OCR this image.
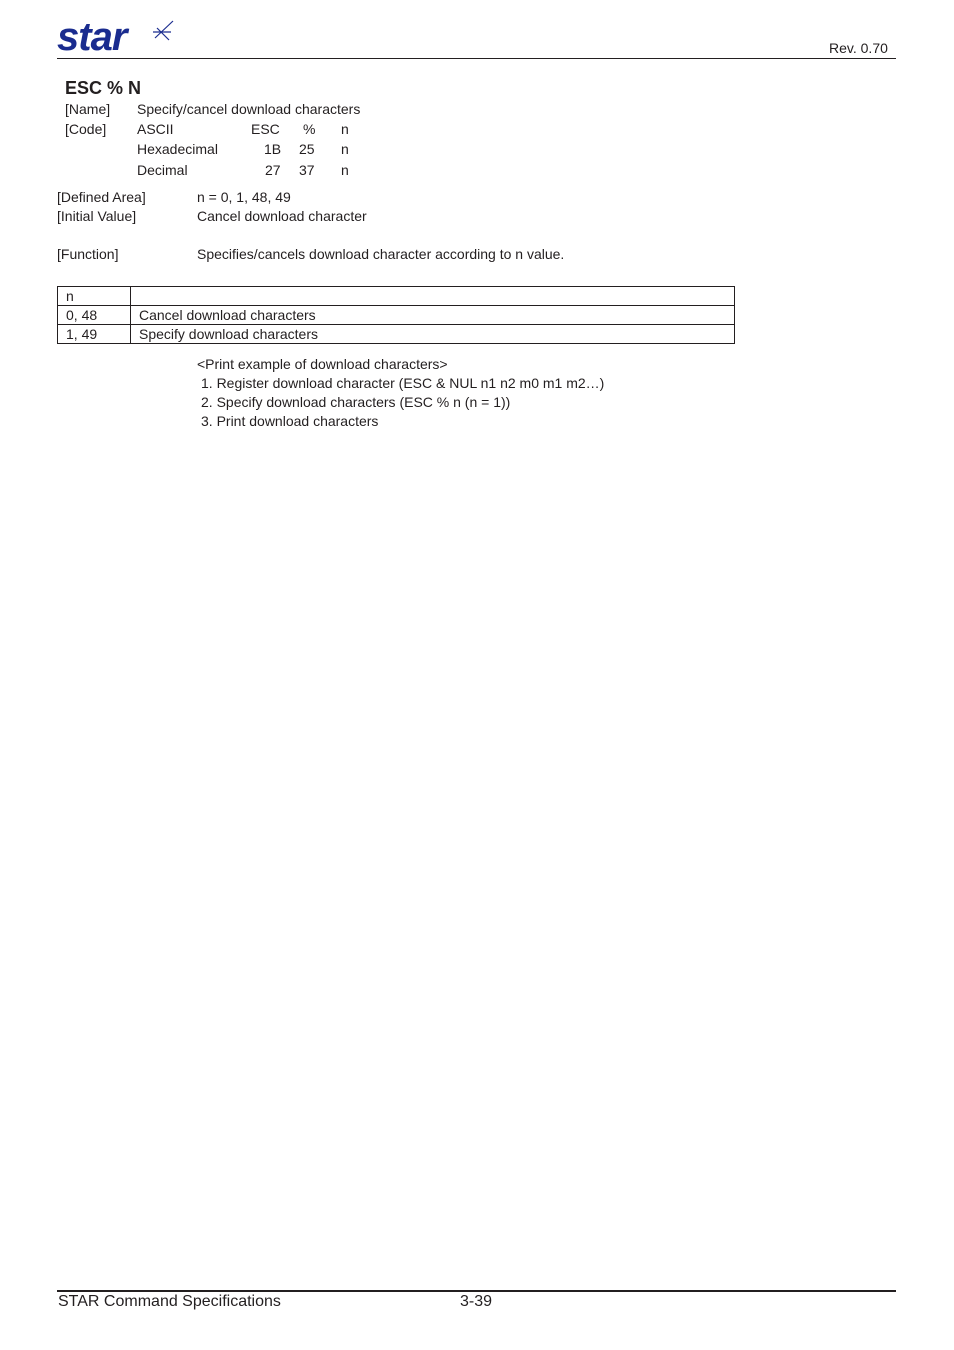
star	Rev. 0.70
ESC % N
[Name] Specify/cancel download characters
[Code] ASCII	ESC % n
Hexadecimal	1B 25 n
Decimal	27 37 n
[Defined Area]	n = 0, 1, 48, 49
[Initial Value]	Cancel download character
[Function]	Specifies/cancels download character according to n value.
n	
0, 48	Cancel download characters
1, 49	Specify download characters
<Print example of download characters>
1. Register download character (ESC & NUL n1 n2 m0 m1 m2…)
2. Specify download characters (ESC % n (n = 1))
3. Print download characters
STAR Command Specifications	3-39
